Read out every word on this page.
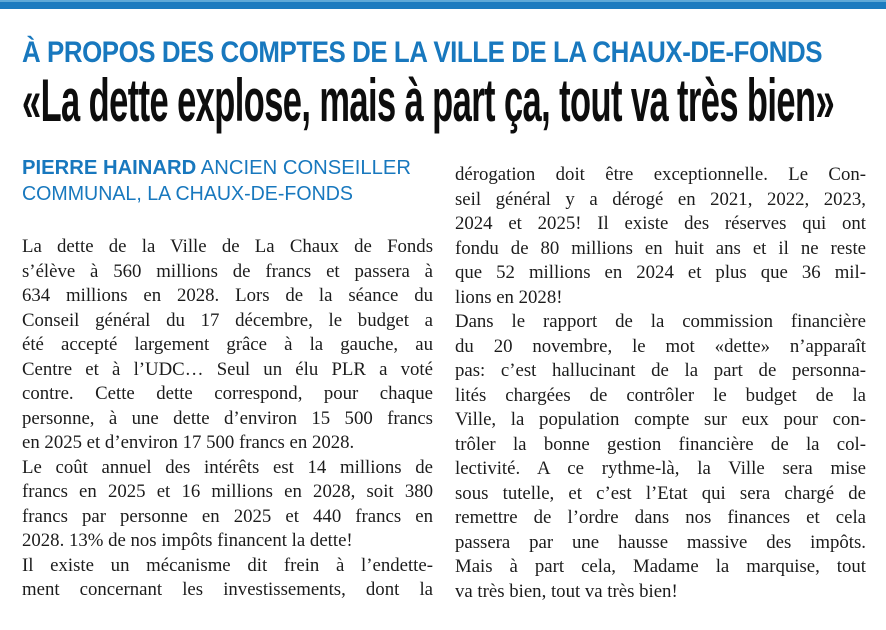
À PROPOS DES COMPTES DE LA VILLE DE LA CHAUX-DE-FONDS
«La dette explose, mais à part ça, tout va très bien»
PIERRE HAINARD ANCIEN CONSEILLER
COMMUNAL, LA CHAUX-DE-FONDS
La dette de la Ville de La Chaux de Fonds
s’élève à 560 millions de francs et passera à
634 millions en 2028. Lors de la séance du
Conseil général du 17 décembre, le budget a
été accepté largement grâce à la gauche, au
Centre et à l’UDC… Seul un élu PLR a voté
contre. Cette dette correspond, pour chaque
personne, à une dette d’environ 15 500 francs
en 2025 et d’environ 17 500 francs en 2028.
Le coût annuel des intérêts est 14 millions de
francs en 2025 et 16 millions en 2028, soit 380
francs par personne en 2025 et 440 francs en
2028. 13% de nos impôts financent la dette!
Il existe un mécanisme dit frein à l’endette-
ment concernant les investissements, dont la
dérogation doit être exceptionnelle. Le Con-
seil général y a dérogé en 2021, 2022, 2023,
2024 et 2025! Il existe des réserves qui ont
fondu de 80 millions en huit ans et il ne reste
que 52 millions en 2024 et plus que 36 mil-
lions en 2028!
Dans le rapport de la commission financière
du 20 novembre, le mot «dette» n’apparaît
pas: c’est hallucinant de la part de personna-
lités chargées de contrôler le budget de la
Ville, la population compte sur eux pour con-
trôler la bonne gestion financière de la col-
lectivité. A ce rythme-là, la Ville sera mise
sous tutelle, et c’est l’Etat qui sera chargé de
remettre de l’ordre dans nos finances et cela
passera par une hausse massive des impôts.
Mais à part cela, Madame la marquise, tout
va très bien, tout va très bien!
